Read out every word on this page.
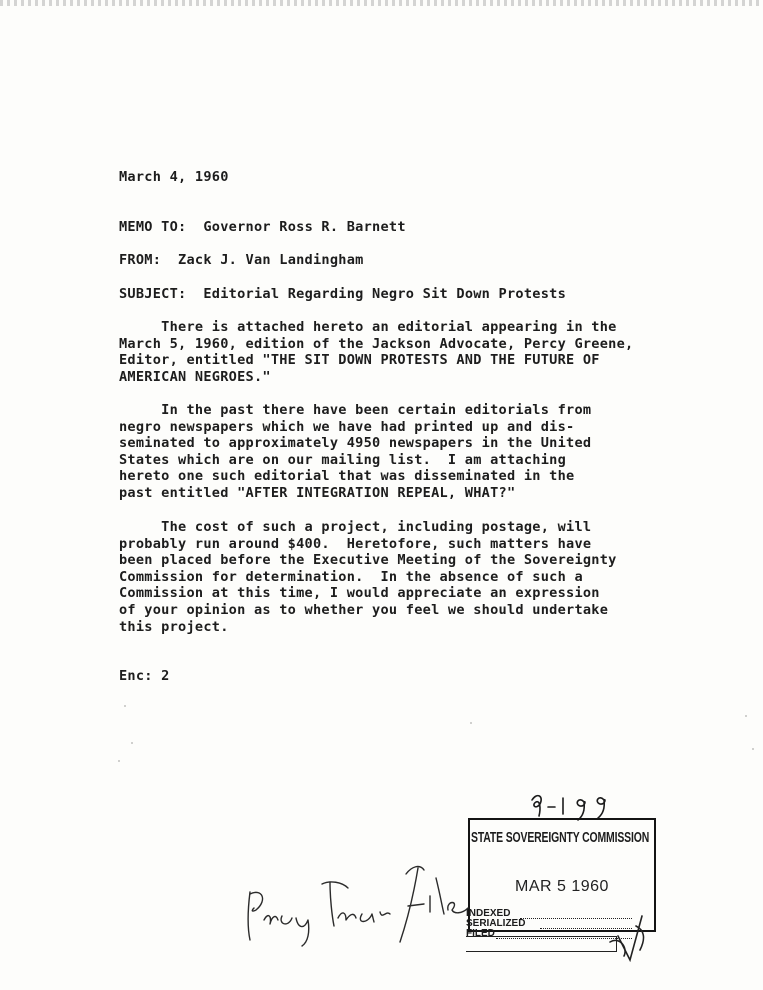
March 4, 1960
MEMO TO: Governor Ross R. Barnett
FROM: Zack J. Van Landingham
SUBJECT: Editorial Regarding Negro Sit Down Protests
There is attached hereto an editorial appearing in the
March 5, 1960, edition of the Jackson Advocate, Percy Greene,
Editor, entitled "THE SIT DOWN PROTESTS AND THE FUTURE OF
AMERICAN NEGROES."
In the past there have been certain editorials from
negro newspapers which we have had printed up and dis-
seminated to approximately 4950 newspapers in the United
States which are on our mailing list.  I am attaching
hereto one such editorial that was disseminated in the
past entitled "AFTER INTEGRATION REPEAL, WHAT?"
The cost of such a project, including postage, will
probably run around $400.  Heretofore, such matters have
been placed before the Executive Meeting of the Sovereignty
Commission for determination.  In the absence of such a
Commission at this time, I would appreciate an expression
of your opinion as to whether you feel we should undertake
this project.
Enc: 2
STATE SOVEREIGNTY COMMISSION
MAR 5 1960
INDEXED
SERIALIZED
FILED
